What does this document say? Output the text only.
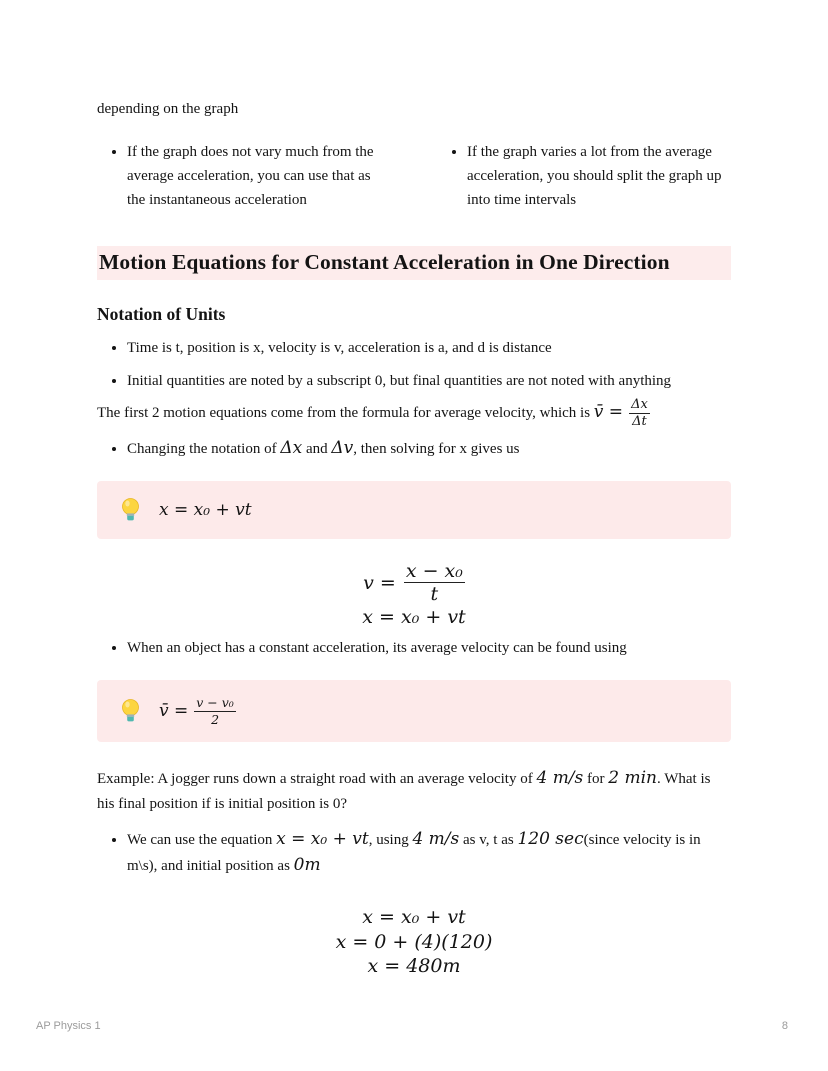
depending on the graph

• If the graph does not vary much from the average acceleration, you can use that as the instantaneous acceleration
• If the graph varies a lot from the average acceleration, you should split the graph up into time intervals
Motion Equations for Constant Acceleration in One Direction
Notation of Units
• Time is t, position is x, velocity is v, acceleration is a, and d is distance
• Initial quantities are noted by a subscript 0, but final quantities are not noted with anything

The first 2 motion equations come from the formula for average velocity, which is v̄ = $\frac{\Delta x}{\Delta t}$

• Changing the notation of Δx and Δv, then solving for x gives us
x = x₀ + vt
$v = \frac{\text{x − x₀}}{t}$
x = x₀ + vt
• When an object has a constant acceleration, its average velocity can be found using
v̄ = $\frac{\text{v − v₀}}{2}$

Example: A jogger runs down a straight road with an average velocity of 4 m/s for 2 min. What is his final position if is initial position is 0?

• We can use the equation x = x₀ + vt, using 4 m/s as v, t as 120 sec(since velocity is in m\s), and initial position as 0m
x = x₀ + vt
x = 0 + (4)(120)
x = 480m
AP Physics 1	8
